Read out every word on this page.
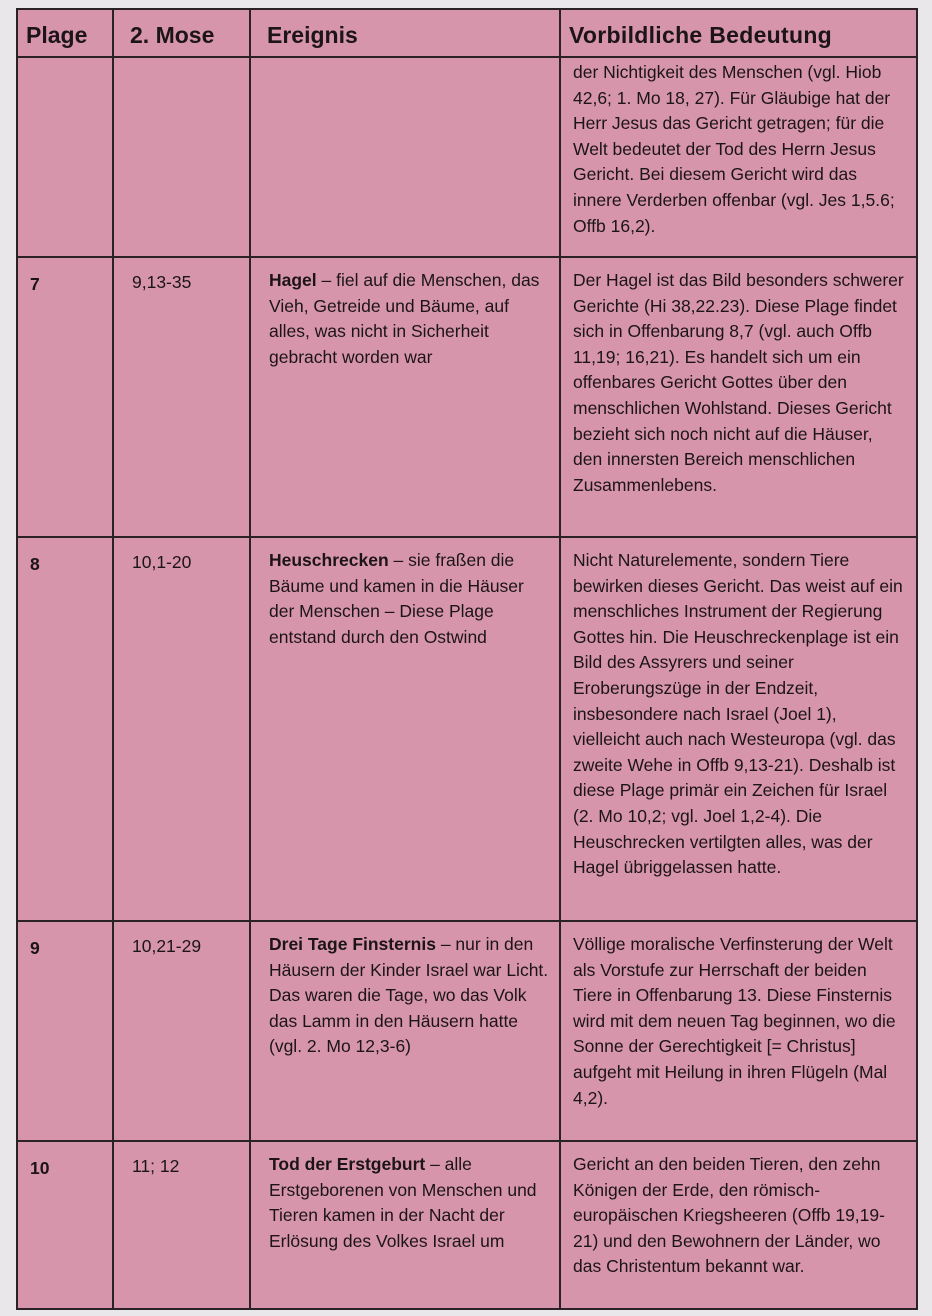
Plage	2. Mose	Ereignis	Vorbildliche Bedeutung
			der Nichtigkeit des Menschen (vgl. Hiob 42,6; 1. Mo 18, 27). Für Gläubige hat der Herr Jesus das Gericht getragen; für die Welt bedeutet der Tod des Herrn Jesus Gericht. Bei diesem Gericht wird das innere Verderben offenbar (vgl. Jes 1,5.6; Offb 16,2).
7	9,13-35	Hagel – fiel auf die Menschen, das Vieh, Getreide und Bäume, auf alles, was nicht in Sicherheit gebracht worden war	Der Hagel ist das Bild besonders schwerer Gerichte (Hi 38,22.23). Diese Plage findet sich in Offenbarung 8,7 (vgl. auch Offb 11,19; 16,21). Es handelt sich um ein offenbares Gericht Gottes über den menschlichen Wohlstand. Dieses Gericht bezieht sich noch nicht auf die Häuser, den innersten Bereich menschlichen Zusammenlebens.
8	10,1-20	Heuschrecken – sie fraßen die Bäume und kamen in die Häuser der Menschen – Diese Plage entstand durch den Ostwind	Nicht Naturelemente, sondern Tiere bewirken dieses Gericht. Das weist auf ein menschliches Instrument der Regierung Gottes hin. Die Heuschreckenplage ist ein Bild des Assyrers und seiner Eroberungszüge in der Endzeit, insbesondere nach Israel (Joel 1), vielleicht auch nach Westeuropa (vgl. das zweite Wehe in Offb 9,13-21). Deshalb ist diese Plage primär ein Zeichen für Israel (2. Mo 10,2; vgl. Joel 1,2-4). Die Heuschrecken vertilgten alles, was der Hagel übriggelassen hatte.
9	10,21-29	Drei Tage Finsternis – nur in den Häusern der Kinder Israel war Licht. Das waren die Tage, wo das Volk das Lamm in den Häusern hatte (vgl. 2. Mo 12,3-6)	Völlige moralische Verfinsterung der Welt als Vorstufe zur Herrschaft der beiden Tiere in Offenbarung 13. Diese Finsternis wird mit dem neuen Tag beginnen, wo die Sonne der Gerechtigkeit [= Christus] aufgeht mit Heilung in ihren Flügeln (Mal 4,2).
10	11; 12	Tod der Erstgeburt – alle Erstgeborenen von Menschen und Tieren kamen in der Nacht der Erlösung des Volkes Israel um	Gericht an den beiden Tieren, den zehn Königen der Erde, den römisch-europäischen Kriegsheeren (Offb 19,19-21) und den Bewohnern der Länder, wo das Christentum bekannt war.
